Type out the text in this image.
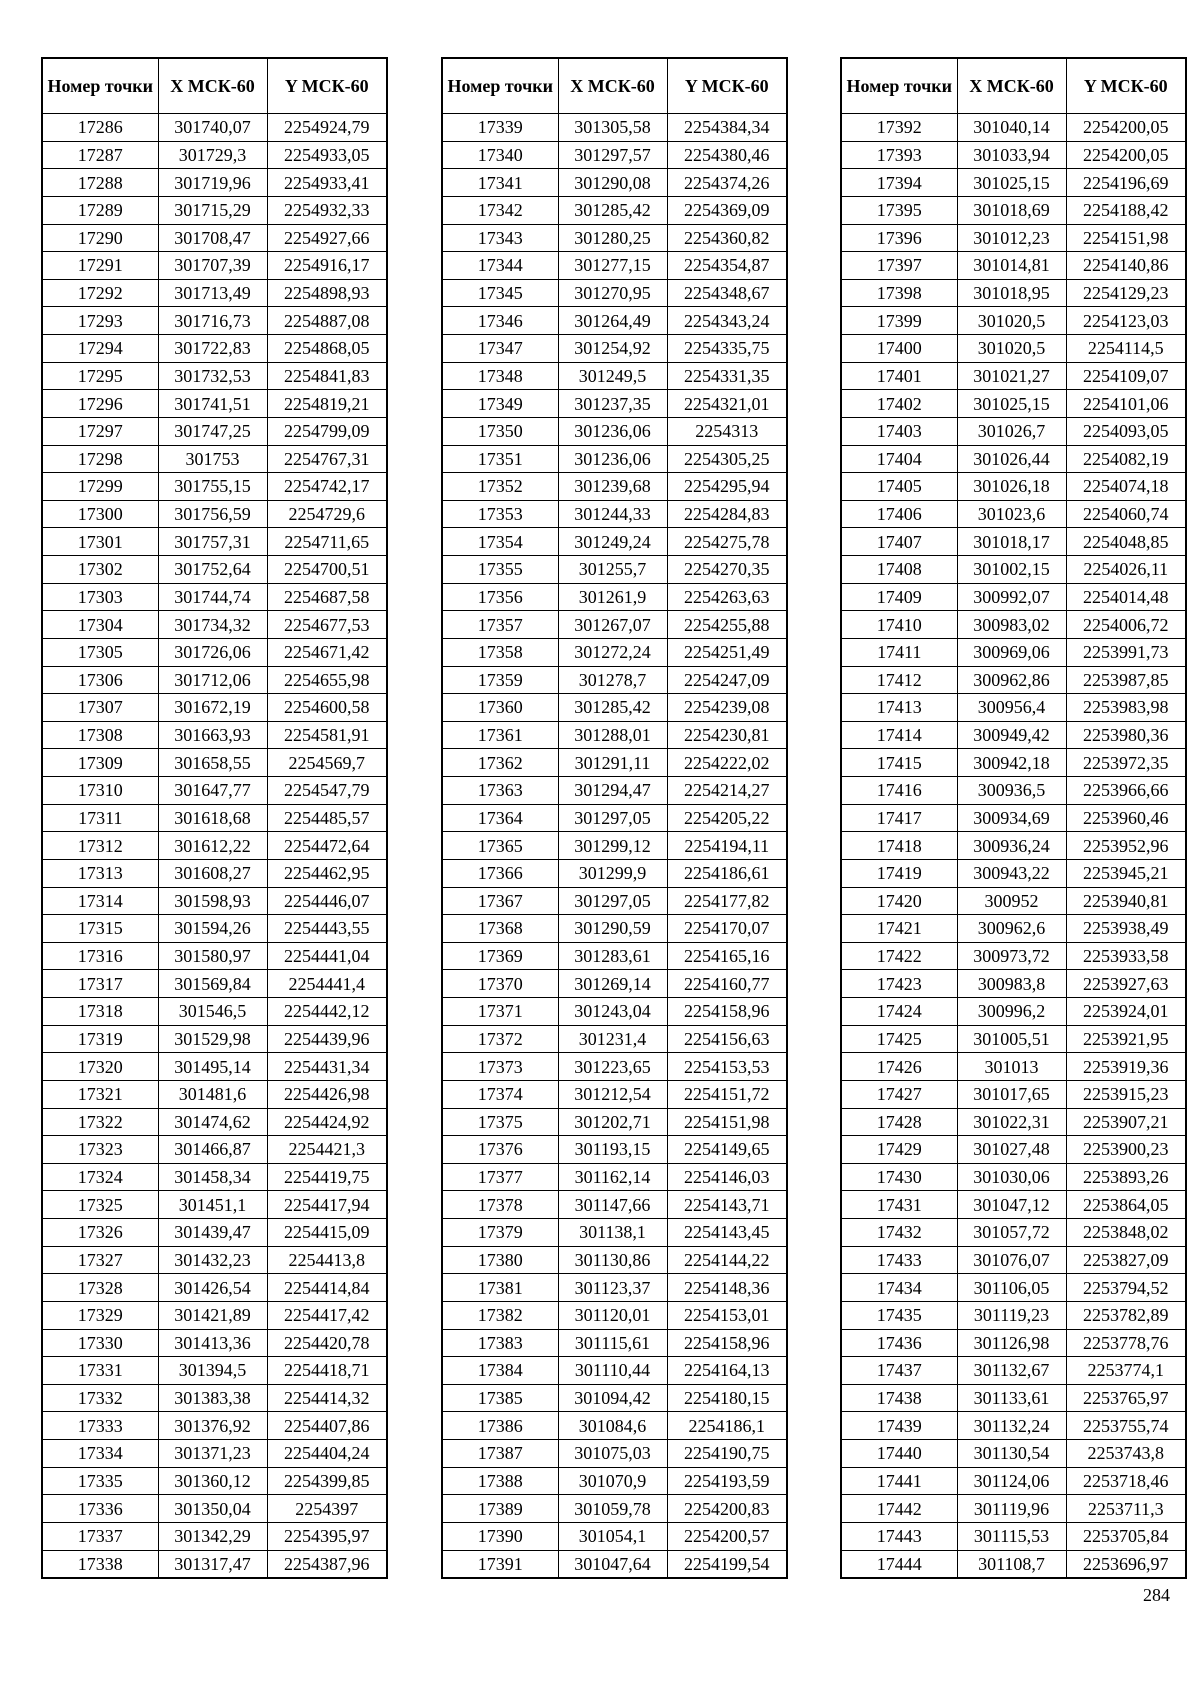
Номер точки	X МСК-60	Y МСК-60
17286	301740,07	2254924,79
17287	301729,3	2254933,05
17288	301719,96	2254933,41
17289	301715,29	2254932,33
17290	301708,47	2254927,66
17291	301707,39	2254916,17
17292	301713,49	2254898,93
17293	301716,73	2254887,08
17294	301722,83	2254868,05
17295	301732,53	2254841,83
17296	301741,51	2254819,21
17297	301747,25	2254799,09
17298	301753	2254767,31
17299	301755,15	2254742,17
17300	301756,59	2254729,6
17301	301757,31	2254711,65
17302	301752,64	2254700,51
17303	301744,74	2254687,58
17304	301734,32	2254677,53
17305	301726,06	2254671,42
17306	301712,06	2254655,98
17307	301672,19	2254600,58
17308	301663,93	2254581,91
17309	301658,55	2254569,7
17310	301647,77	2254547,79
17311	301618,68	2254485,57
17312	301612,22	2254472,64
17313	301608,27	2254462,95
17314	301598,93	2254446,07
17315	301594,26	2254443,55
17316	301580,97	2254441,04
17317	301569,84	2254441,4
17318	301546,5	2254442,12
17319	301529,98	2254439,96
17320	301495,14	2254431,34
17321	301481,6	2254426,98
17322	301474,62	2254424,92
17323	301466,87	2254421,3
17324	301458,34	2254419,75
17325	301451,1	2254417,94
17326	301439,47	2254415,09
17327	301432,23	2254413,8
17328	301426,54	2254414,84
17329	301421,89	2254417,42
17330	301413,36	2254420,78
17331	301394,5	2254418,71
17332	301383,38	2254414,32
17333	301376,92	2254407,86
17334	301371,23	2254404,24
17335	301360,12	2254399,85
17336	301350,04	2254397
17337	301342,29	2254395,97
17338	301317,47	2254387,96
Номер точки	X МСК-60	Y МСК-60
17339	301305,58	2254384,34
17340	301297,57	2254380,46
17341	301290,08	2254374,26
17342	301285,42	2254369,09
17343	301280,25	2254360,82
17344	301277,15	2254354,87
17345	301270,95	2254348,67
17346	301264,49	2254343,24
17347	301254,92	2254335,75
17348	301249,5	2254331,35
17349	301237,35	2254321,01
17350	301236,06	2254313
17351	301236,06	2254305,25
17352	301239,68	2254295,94
17353	301244,33	2254284,83
17354	301249,24	2254275,78
17355	301255,7	2254270,35
17356	301261,9	2254263,63
17357	301267,07	2254255,88
17358	301272,24	2254251,49
17359	301278,7	2254247,09
17360	301285,42	2254239,08
17361	301288,01	2254230,81
17362	301291,11	2254222,02
17363	301294,47	2254214,27
17364	301297,05	2254205,22
17365	301299,12	2254194,11
17366	301299,9	2254186,61
17367	301297,05	2254177,82
17368	301290,59	2254170,07
17369	301283,61	2254165,16
17370	301269,14	2254160,77
17371	301243,04	2254158,96
17372	301231,4	2254156,63
17373	301223,65	2254153,53
17374	301212,54	2254151,72
17375	301202,71	2254151,98
17376	301193,15	2254149,65
17377	301162,14	2254146,03
17378	301147,66	2254143,71
17379	301138,1	2254143,45
17380	301130,86	2254144,22
17381	301123,37	2254148,36
17382	301120,01	2254153,01
17383	301115,61	2254158,96
17384	301110,44	2254164,13
17385	301094,42	2254180,15
17386	301084,6	2254186,1
17387	301075,03	2254190,75
17388	301070,9	2254193,59
17389	301059,78	2254200,83
17390	301054,1	2254200,57
17391	301047,64	2254199,54
Номер точки	X МСК-60	Y МСК-60
17392	301040,14	2254200,05
17393	301033,94	2254200,05
17394	301025,15	2254196,69
17395	301018,69	2254188,42
17396	301012,23	2254151,98
17397	301014,81	2254140,86
17398	301018,95	2254129,23
17399	301020,5	2254123,03
17400	301020,5	2254114,5
17401	301021,27	2254109,07
17402	301025,15	2254101,06
17403	301026,7	2254093,05
17404	301026,44	2254082,19
17405	301026,18	2254074,18
17406	301023,6	2254060,74
17407	301018,17	2254048,85
17408	301002,15	2254026,11
17409	300992,07	2254014,48
17410	300983,02	2254006,72
17411	300969,06	2253991,73
17412	300962,86	2253987,85
17413	300956,4	2253983,98
17414	300949,42	2253980,36
17415	300942,18	2253972,35
17416	300936,5	2253966,66
17417	300934,69	2253960,46
17418	300936,24	2253952,96
17419	300943,22	2253945,21
17420	300952	2253940,81
17421	300962,6	2253938,49
17422	300973,72	2253933,58
17423	300983,8	2253927,63
17424	300996,2	2253924,01
17425	301005,51	2253921,95
17426	301013	2253919,36
17427	301017,65	2253915,23
17428	301022,31	2253907,21
17429	301027,48	2253900,23
17430	301030,06	2253893,26
17431	301047,12	2253864,05
17432	301057,72	2253848,02
17433	301076,07	2253827,09
17434	301106,05	2253794,52
17435	301119,23	2253782,89
17436	301126,98	2253778,76
17437	301132,67	2253774,1
17438	301133,61	2253765,97
17439	301132,24	2253755,74
17440	301130,54	2253743,8
17441	301124,06	2253718,46
17442	301119,96	2253711,3
17443	301115,53	2253705,84
17444	301108,7	2253696,97
284
